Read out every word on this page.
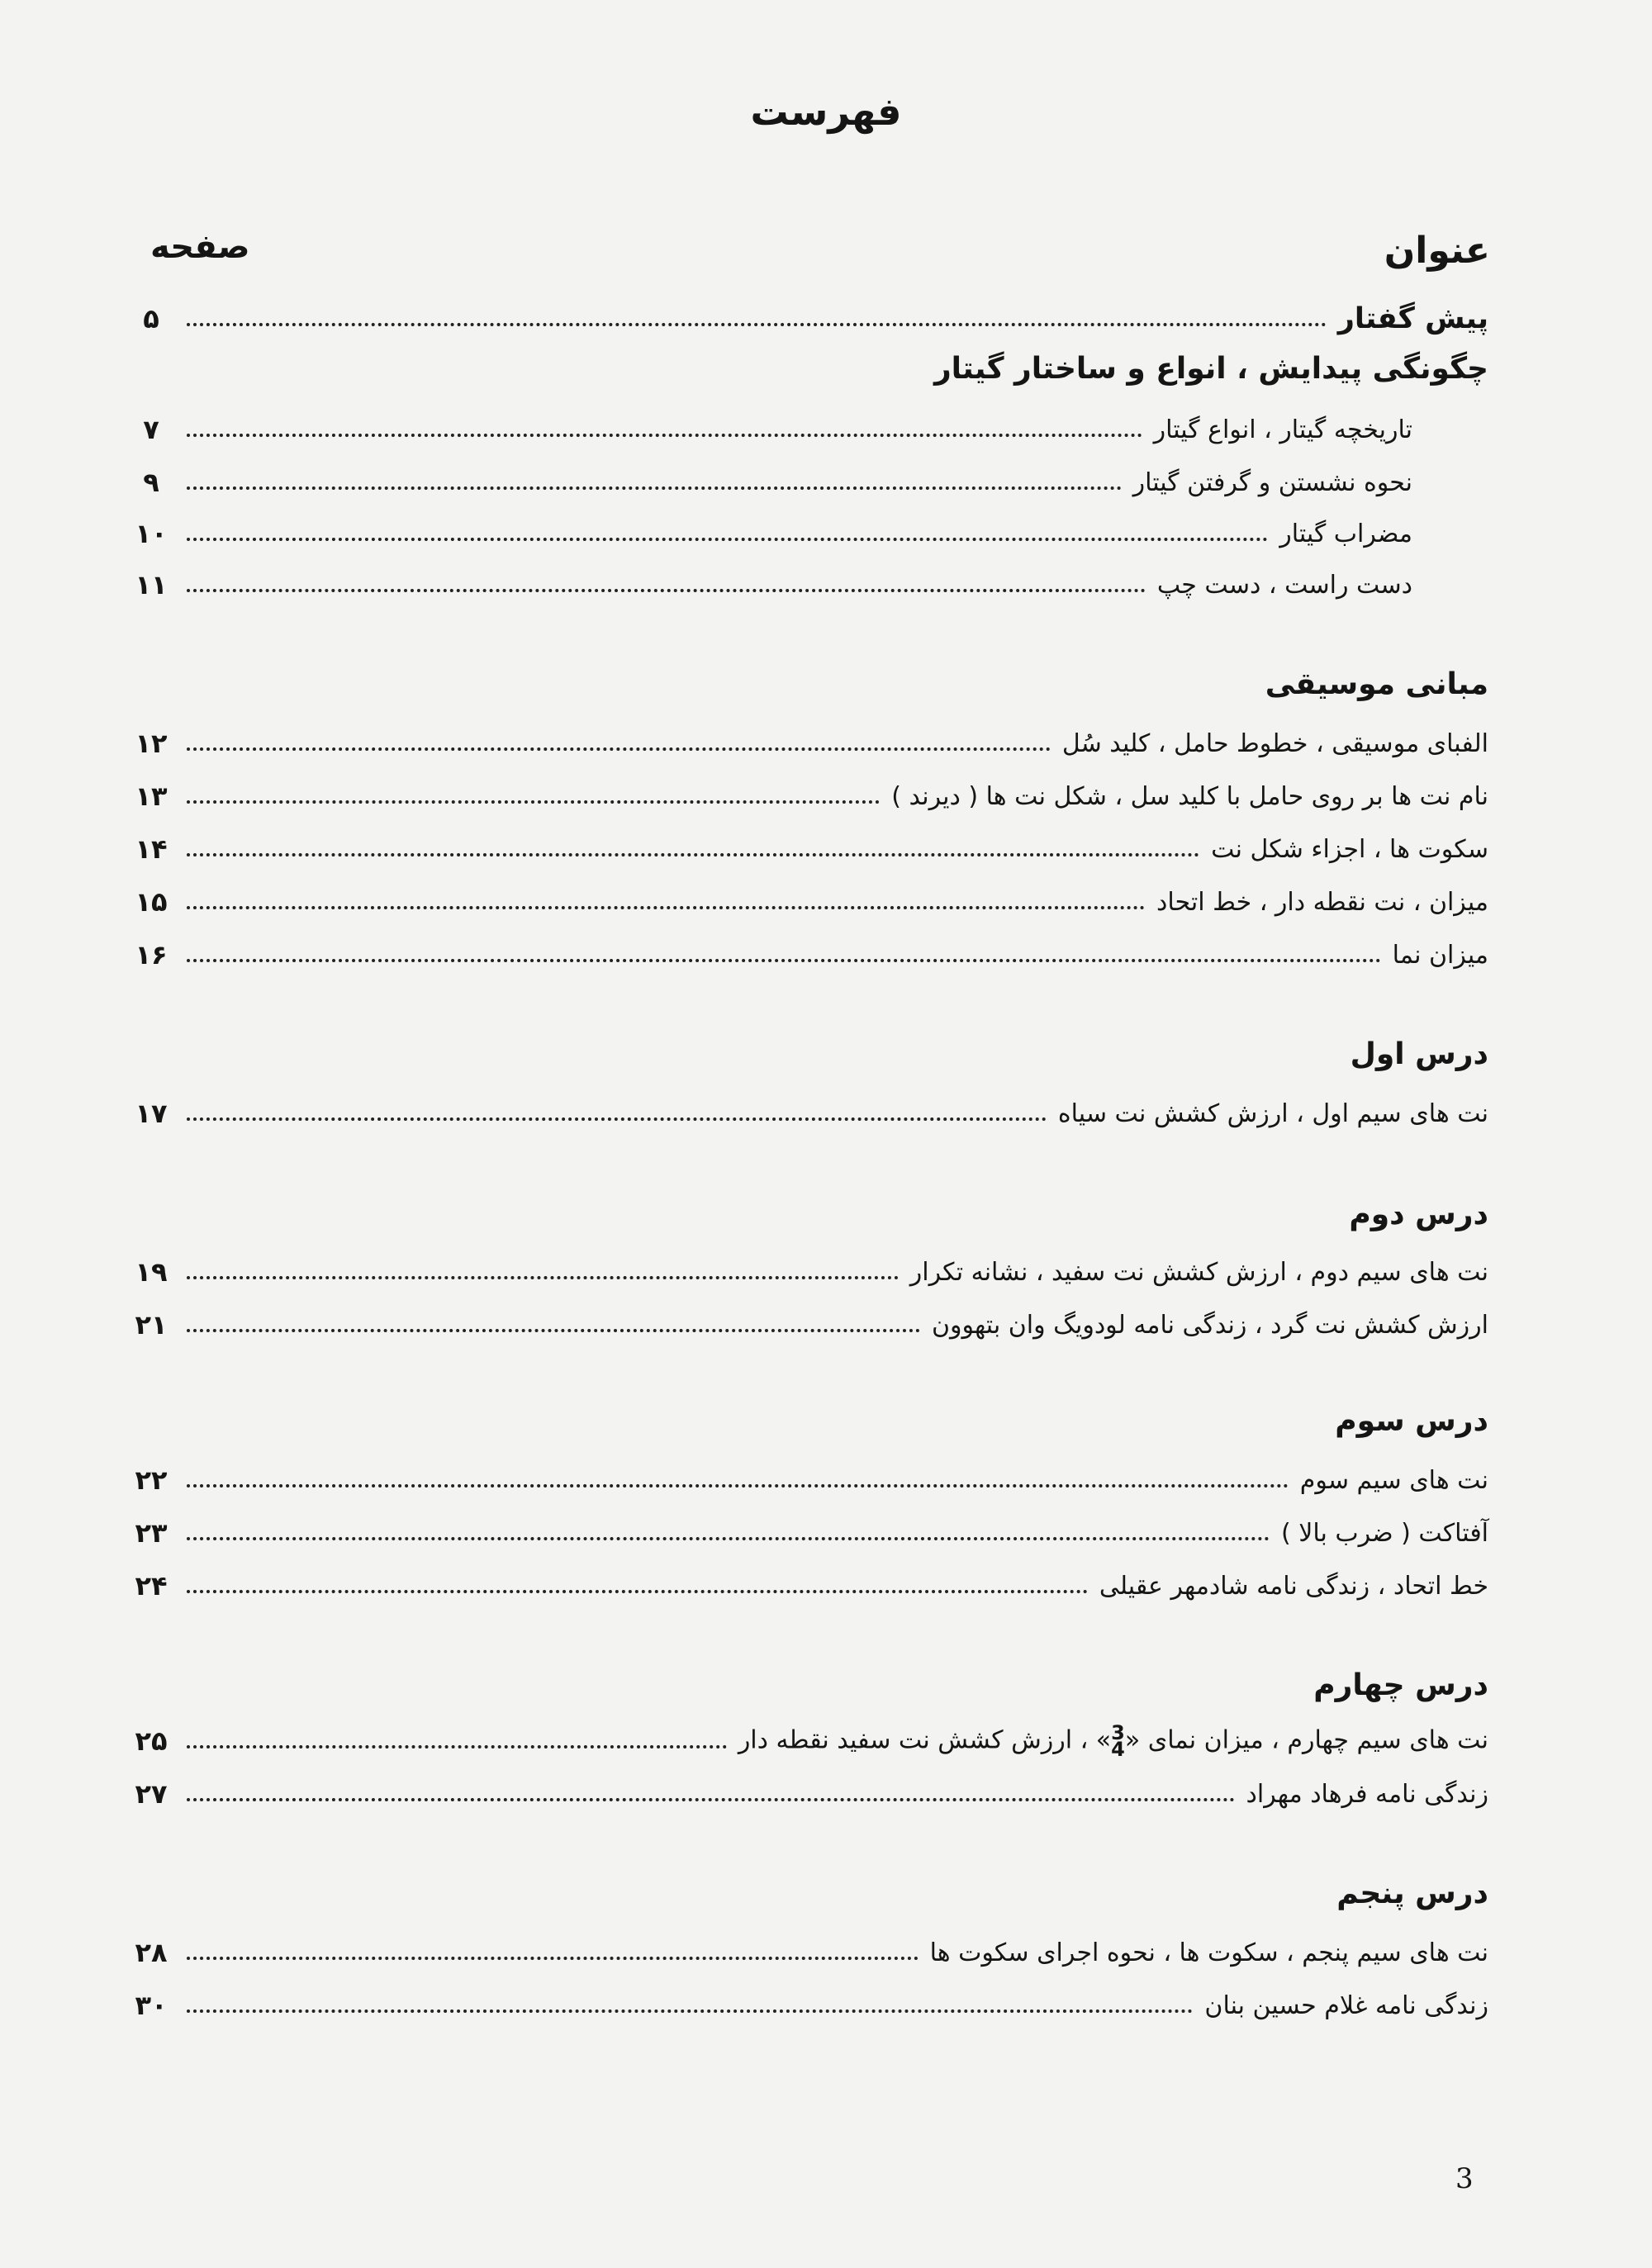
فهرست
عنوان
صفحه
پیش گفتار
۵
چگونگی پیدایش ، انواع و ساختار گیتار
تاریخچه گیتار ، انواع گیتار
۷
نحوه نشستن و گرفتن گیتار
۹
مضراب گیتار
۱۰
دست راست ، دست چپ
۱۱
مبانی موسیقی
الفبای موسیقی ، خطوط حامل ، کلید سُل
۱۲
نام نت ها بر روی حامل با کلید سل ، شکل نت ها ( دیرند )
۱۳
سکوت ها ، اجزاء شکل نت
۱۴
میزان ، نت نقطه دار ، خط اتحاد
۱۵
میزان نما
۱۶
درس اول
نت های سیم اول ، ارزش کشش نت سیاه
۱۷
درس دوم
نت های سیم دوم ، ارزش کشش نت سفید ، نشانه تکرار
۱۹
ارزش کشش نت گرد ، زندگی نامه لودویگ وان بتهوون
۲۱
درس سوم
نت های سیم سوم
۲۲
آفتاکت ( ضرب بالا )
۲۳
خط اتحاد ، زندگی نامه شادمهر عقیلی
۲۴
درس چهارم
نت های سیم چهارم ، میزان نمای «
3
4
» ، ارزش کشش نت سفید نقطه دار
۲۵
زندگی نامه فرهاد مهراد
۲۷
درس پنجم
نت های سیم پنجم ، سکوت ها ، نحوه اجرای سکوت ها
۲۸
زندگی نامه غلام حسین بنان
۳۰
3
